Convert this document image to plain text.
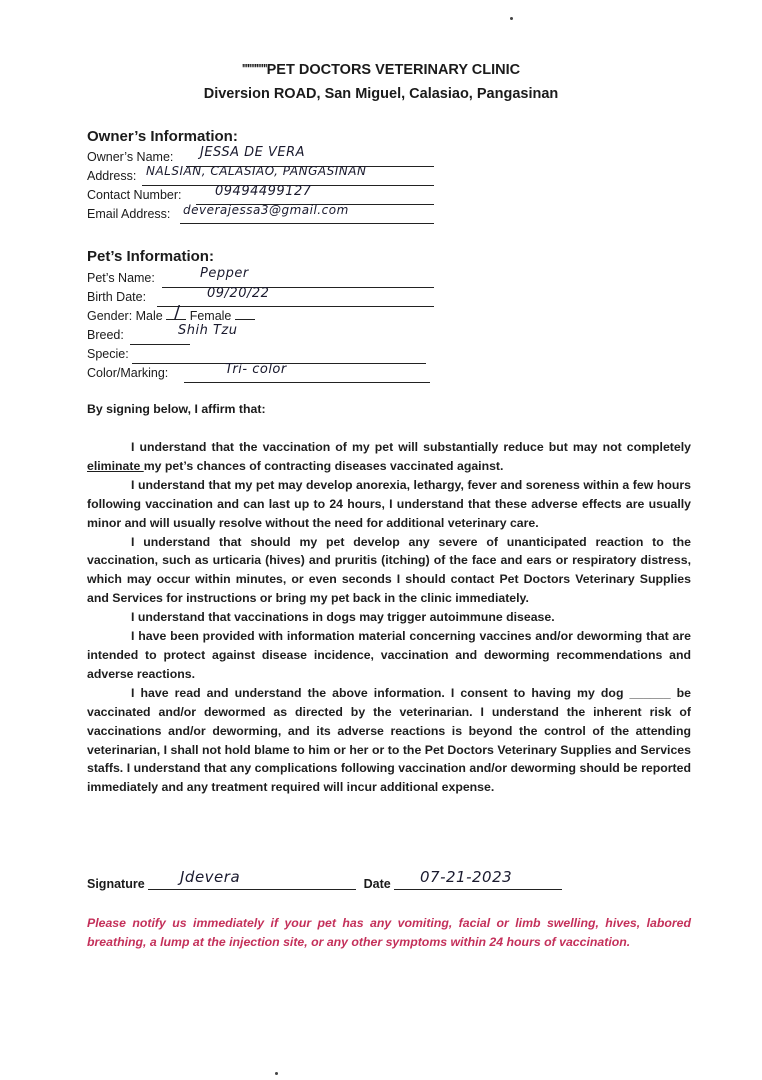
''''''''''''''PET DOCTORS VETERINARY CLINIC
Diversion ROAD, San Miguel, Calasiao, Pangasinan
Owner’s Information:
Owner’s Name: JESSA DE VERA
Address: NALSIAN, CALASIAO, PANGASINAN
Contact Number:	09494499127
Email Address: deverajessa3@gmail.com
Pet’s Information:
Pet’s Name:	Pepper
Birth Date:	09/20/22
Gender: Male Female
/
Breed:	Shih Tzu
Specie:
Color/Marking:	Tri- color
By signing below, I affirm that:

I understand that the vaccination of my pet will substantially reduce but may not completely eliminate my pet’s chances of contracting diseases vaccinated against.

I understand that my pet may develop anorexia, lethargy, fever and soreness within a few hours following vaccination and can last up to 24 hours, I understand that these adverse effects are usually minor and will usually resolve without the need for additional veterinary care.

I understand that should my pet develop any severe of unanticipated reaction to the vaccination, such as urticaria (hives) and pruritis (itching) of the face and ears or respiratory distress, which may occur within minutes, or even seconds I should contact Pet Doctors Veterinary Supplies and Services for instructions or bring my pet back in the clinic immediately.

I understand that vaccinations in dogs may trigger autoimmune disease.

I have been provided with information material concerning vaccines and/or deworming that are intended to protect against disease incidence, vaccination and deworming recommendations and adverse reactions.

I have read and understand the above information. I consent to having my dog ______ be vaccinated and/or dewormed as directed by the veterinarian. I understand the inherent risk of vaccinations and/or deworming, and its adverse reactions is beyond the control of the attending veterinarian, I shall not hold blame to him or her or to the Pet Doctors Veterinary Supplies and Services staffs. I understand that any complications following vaccination and/or deworming should be reported immediately and any treatment required will incur additional expense.

Signature	Date
Jdevera	07-21-2023
Please notify us immediately if your pet has any vomiting, facial or limb swelling, hives, labored breathing, a lump at the injection site, or any other symptoms within 24 hours of vaccination.
